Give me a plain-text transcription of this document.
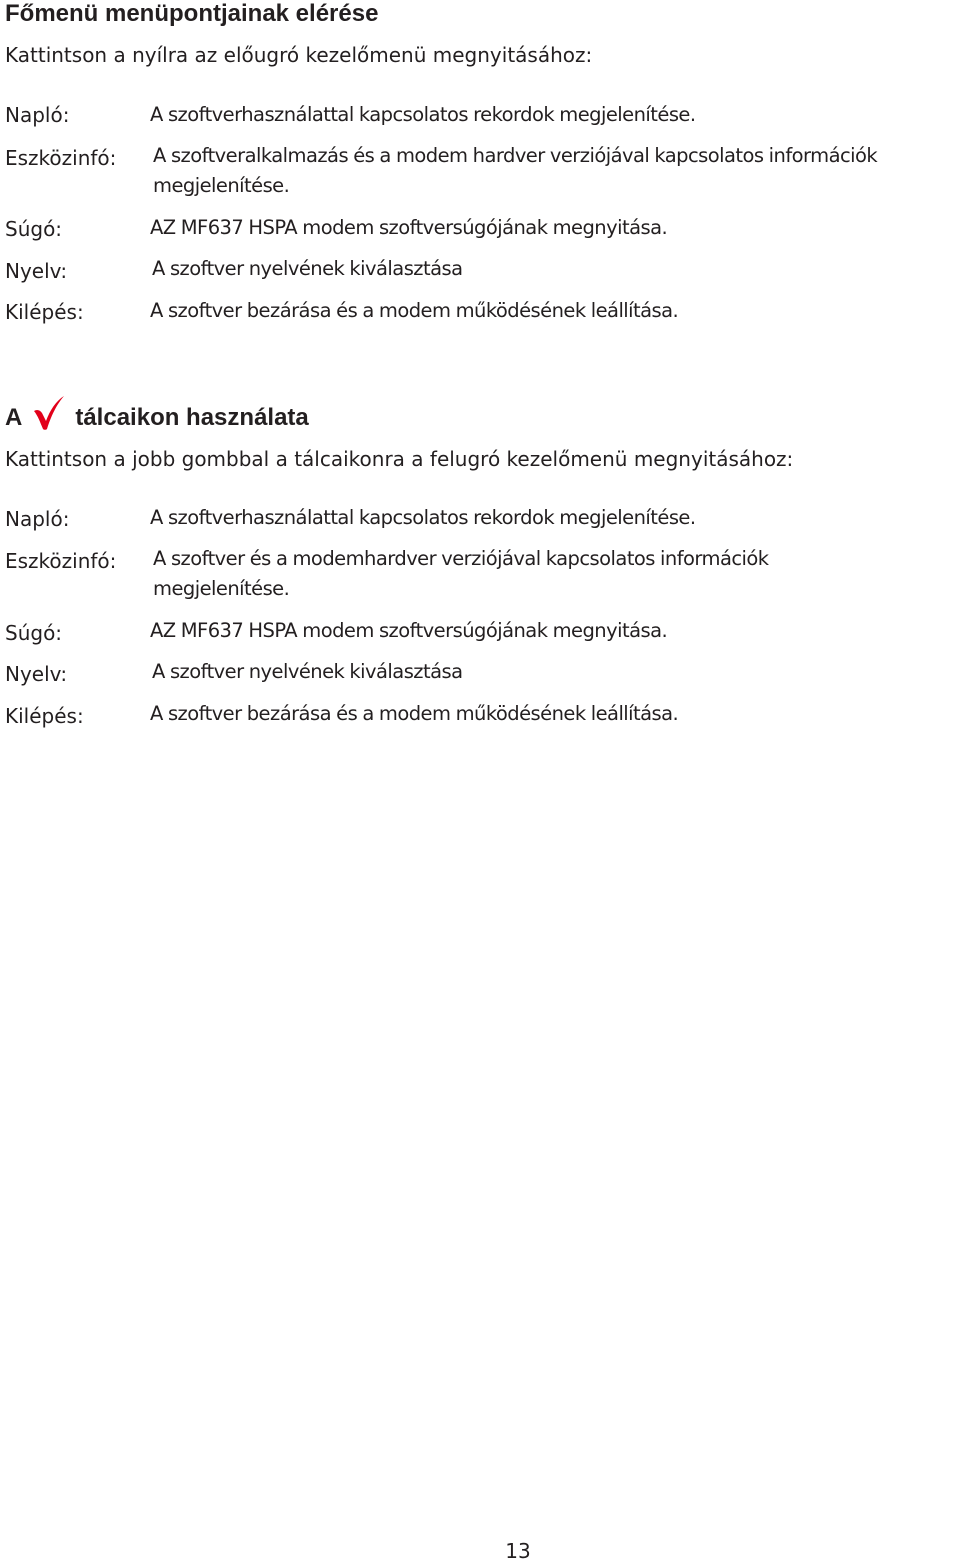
Főmenü menüpontjainak elérése

Kattintson a nyílra az előugró kezelőmenü megnyitásához:

Napló:	A szoftverhasználattal kapcsolatos rekordok megjelenítése.
Eszközinfó: A szoftveralkalmazás és a modem hardver verziójával kapcsolatos információk megjelenítése.
Súgó:	AZ MF637 HSPA modem szoftversúgójának megnyitása.
Nyelv:	A szoftver nyelvének kiválasztása
Kilépés:	A szoftver bezárása és a modem működésének leállítása.
A tálcaikon használata

Kattintson a jobb gombbal a tálcaikonra a felugró kezelőmenü megnyitásához:

Napló:	A szoftverhasználattal kapcsolatos rekordok megjelenítése.
Eszközinfó: A szoftver és a modemhardver verziójával kapcsolatos információk megjelenítése.
Súgó:	AZ MF637 HSPA modem szoftversúgójának megnyitása.
Nyelv:	A szoftver nyelvének kiválasztása
Kilépés:	A szoftver bezárása és a modem működésének leállítása.
13
